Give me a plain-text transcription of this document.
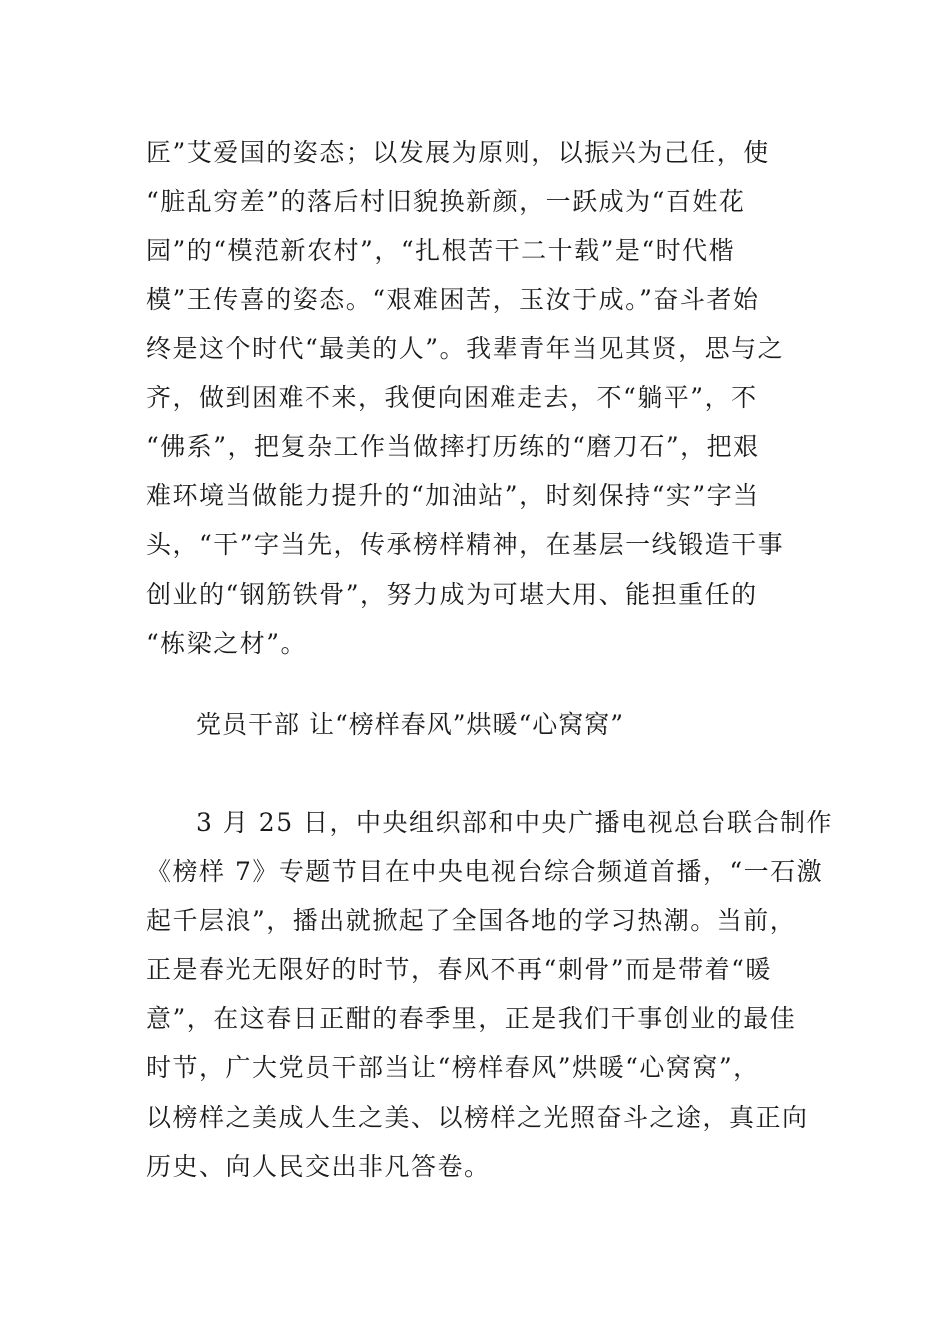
匠”艾爱国的姿态；以发展为原则，以振兴为己任，使
“脏乱穷差”的落后村旧貌换新颜，一跃成为“百姓花
园”的“模范新农村”，“扎根苦干二十载”是“时代楷
模”王传喜的姿态。“艰难困苦，玉汝于成。”奋斗者始
终是这个时代“最美的人”。我辈青年当见其贤，思与之
齐，做到困难不来，我便向困难走去，不“躺平”，不
“佛系”，把复杂工作当做摔打历练的“磨刀石”，把艰
难环境当做能力提升的“加油站”，时刻保持“实”字当
头，“干”字当先，传承榜样精神，在基层一线锻造干事
创业的“钢筋铁骨”，努力成为可堪大用、能担重任的
“栋梁之材”。
党员干部 让“榜样春风”烘暖“心窝窝”
3 月 25 日，中央组织部和中央广播电视总台联合制作
《榜样 7》专题节目在中央电视台综合频道首播，“一石激
起千层浪”，播出就掀起了全国各地的学习热潮。当前，
正是春光无限好的时节，春风不再“刺骨”而是带着“暖
意”，在这春日正酣的春季里，正是我们干事创业的最佳
时节，广大党员干部当让“榜样春风”烘暖“心窝窝”，
以榜样之美成人生之美、以榜样之光照奋斗之途，真正向
历史、向人民交出非凡答卷。
